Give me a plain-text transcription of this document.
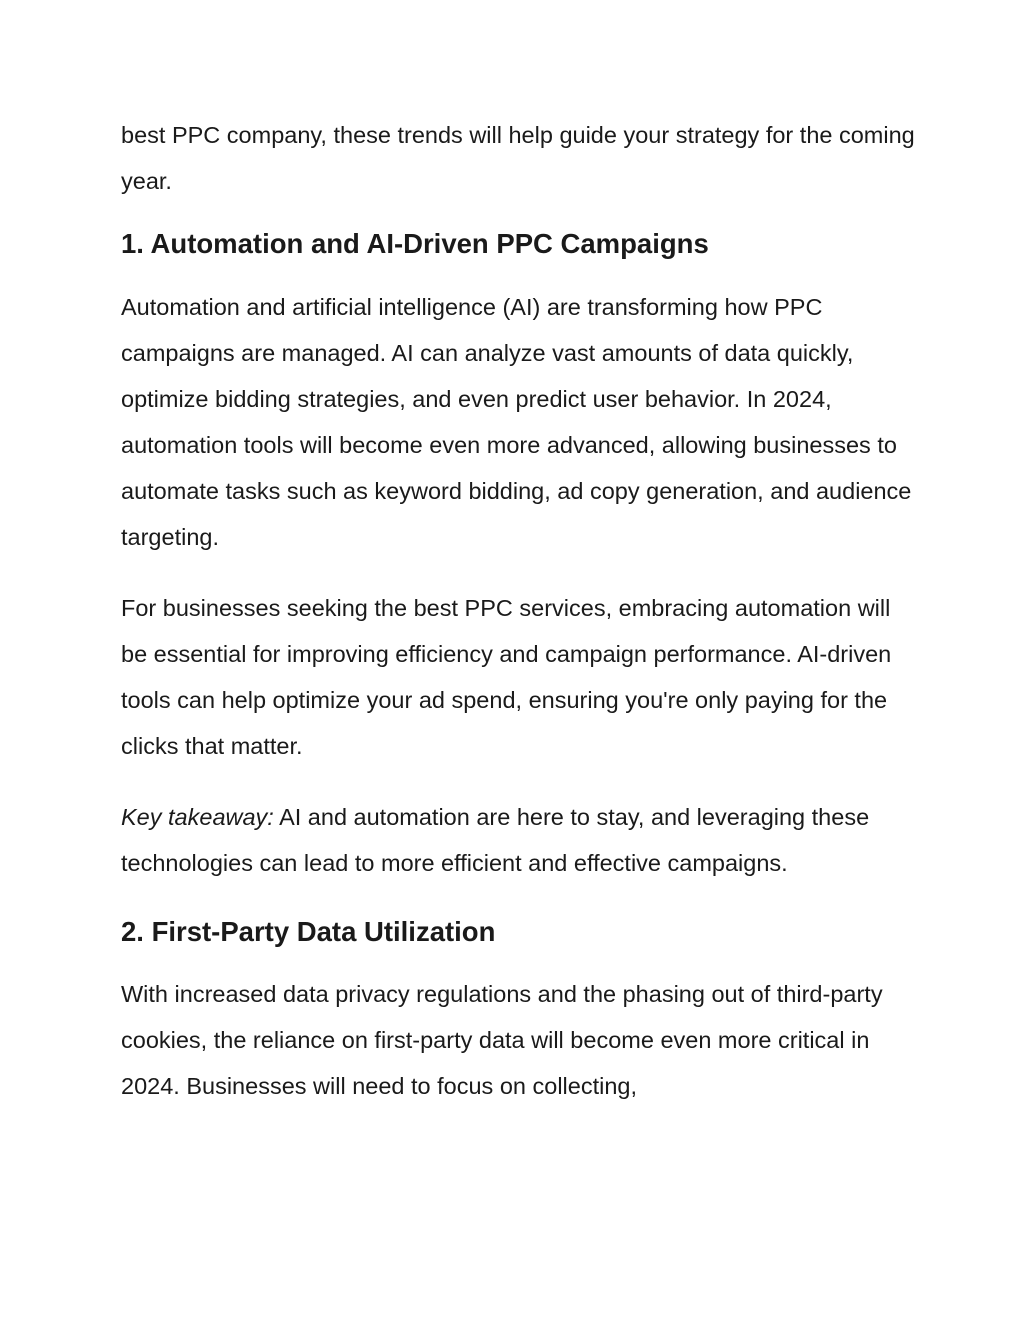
best PPC company, these trends will help guide your strategy for the coming year.

1. Automation and AI-Driven PPC Campaigns

Automation and artificial intelligence (AI) are transforming how PPC campaigns are managed. AI can analyze vast amounts of data quickly, optimize bidding strategies, and even predict user behavior. In 2024, automation tools will become even more advanced, allowing businesses to automate tasks such as keyword bidding, ad copy generation, and audience targeting.

For businesses seeking the best PPC services, embracing automation will be essential for improving efficiency and campaign performance. AI-driven tools can help optimize your ad spend, ensuring you're only paying for the clicks that matter.

Key takeaway: AI and automation are here to stay, and leveraging these technologies can lead to more efficient and effective campaigns.

2. First-Party Data Utilization

With increased data privacy regulations and the phasing out of third-party cookies, the reliance on first-party data will become even more critical in 2024. Businesses will need to focus on collecting,
